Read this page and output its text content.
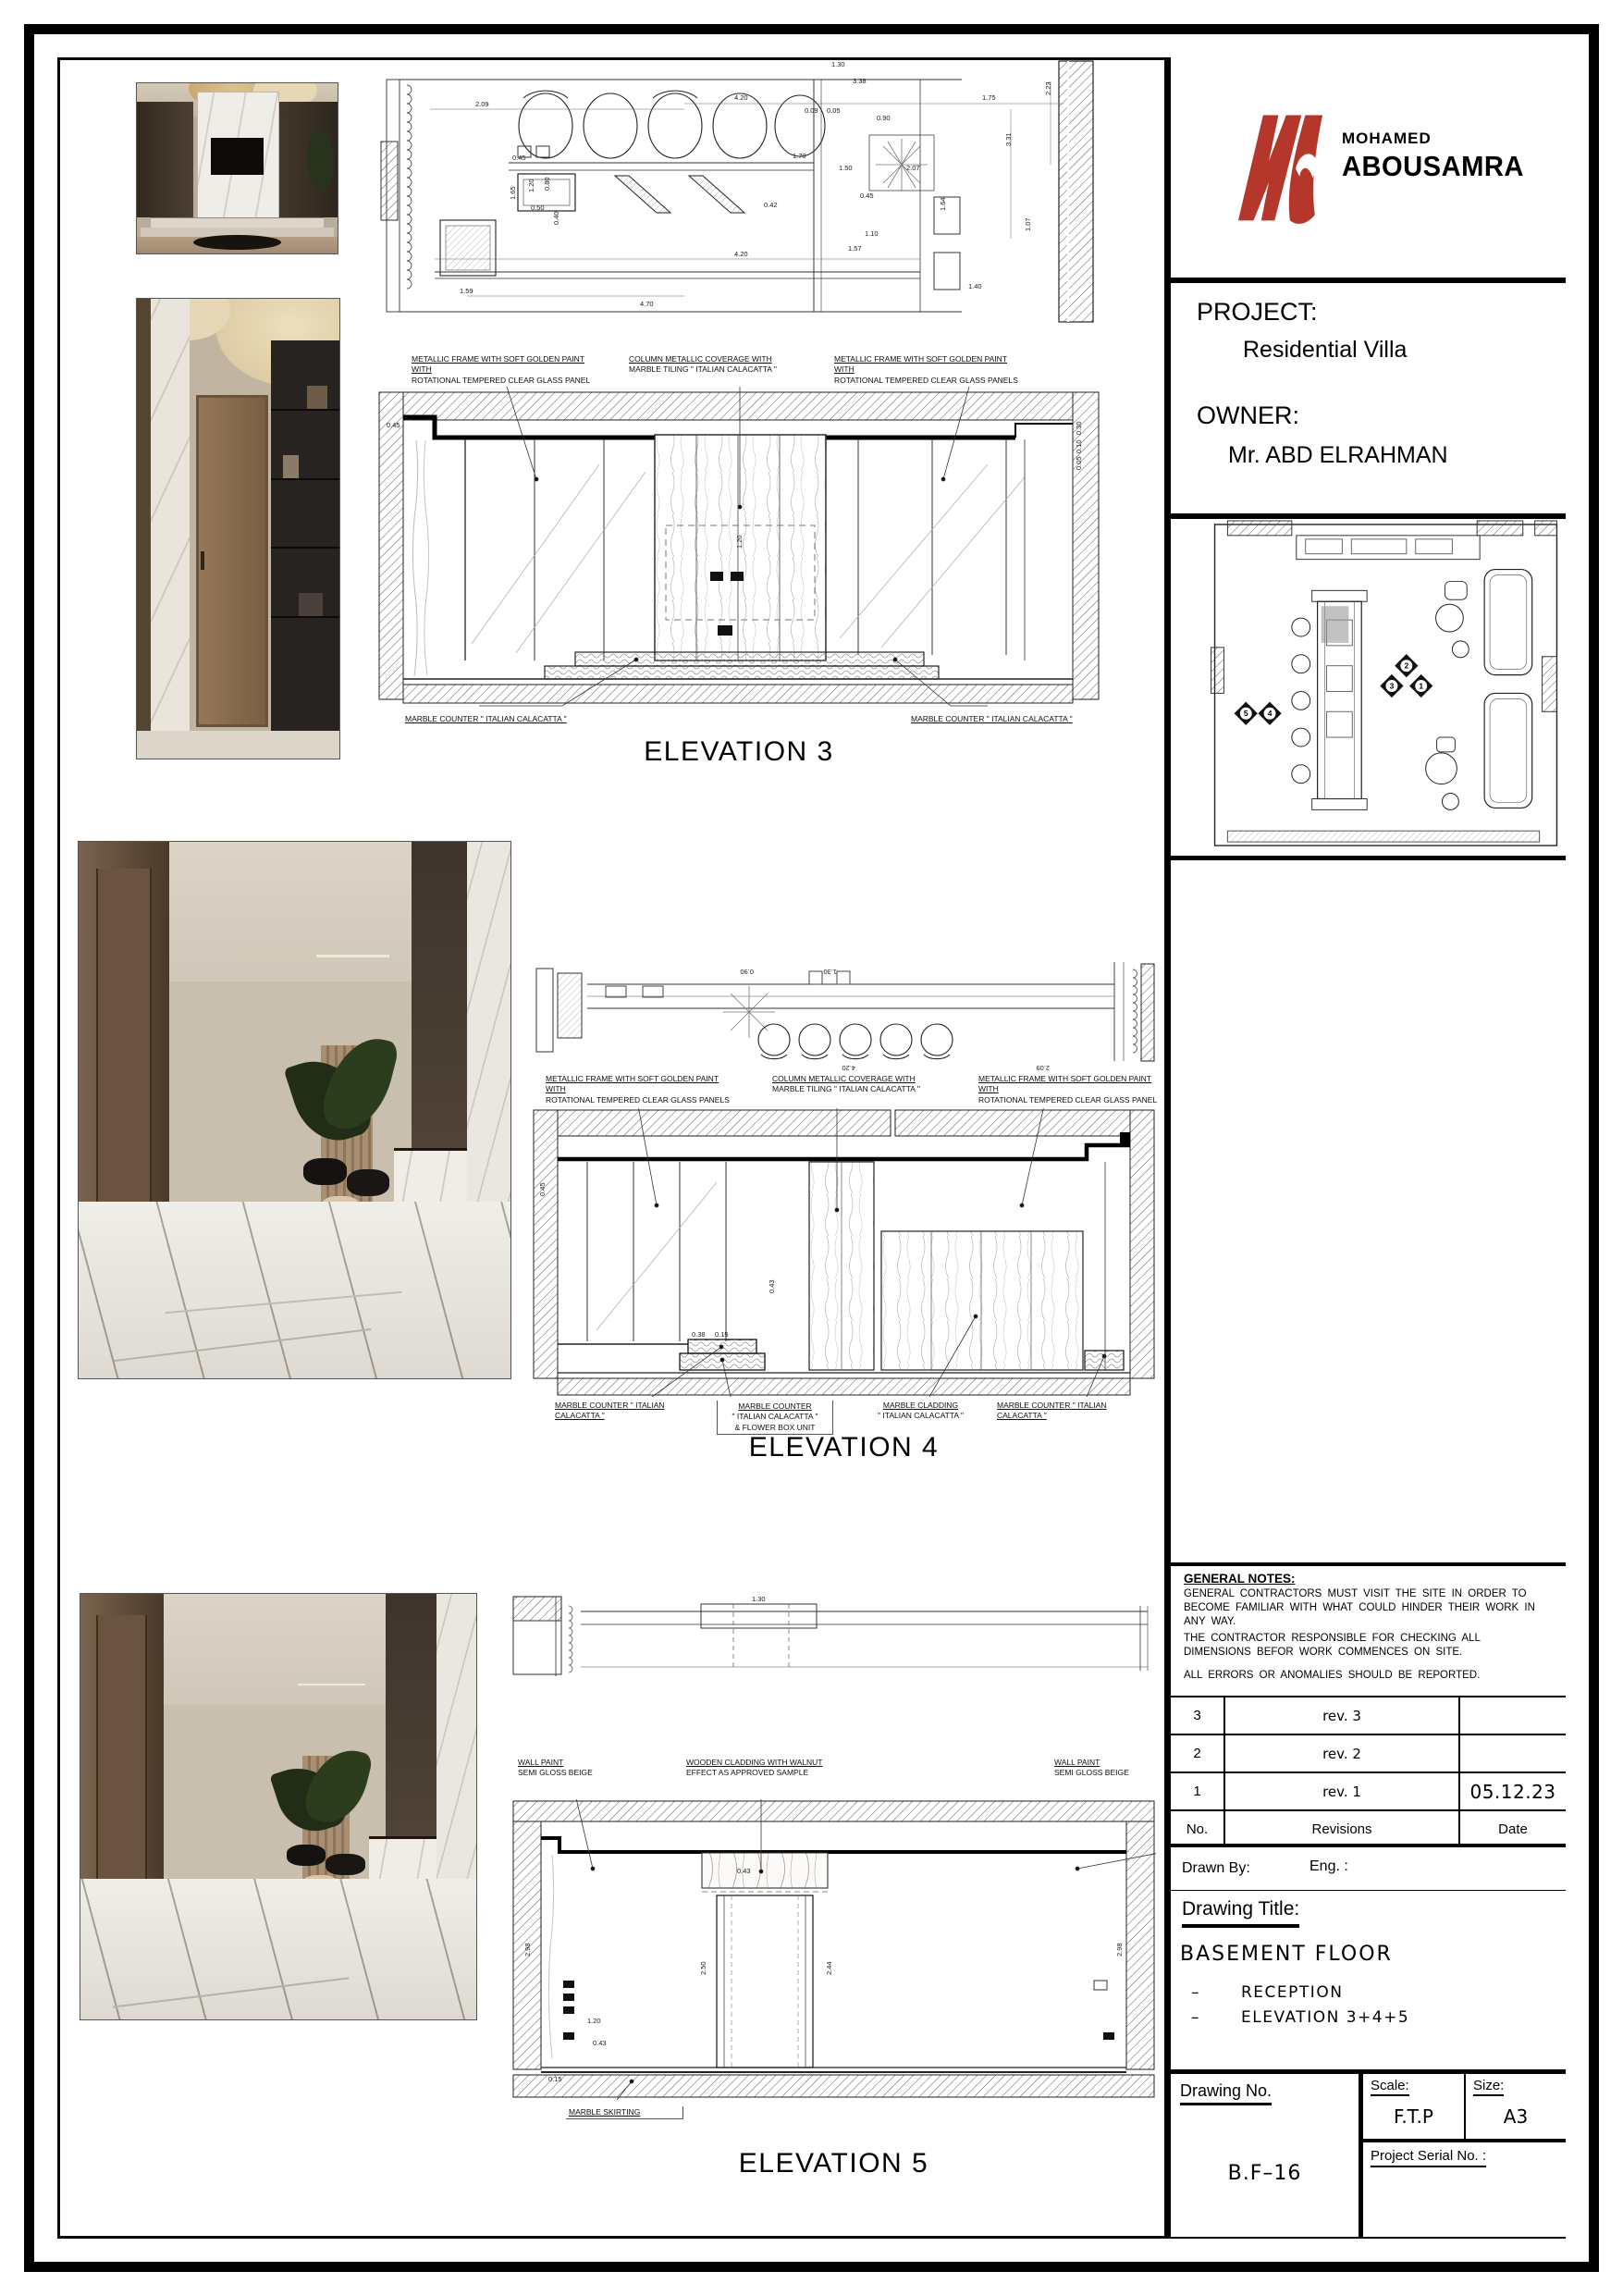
2.09
4.20	1.75
1.30
3.38
0.90
0.09 0.05
1.70
1.50	2.07
0.42
0.45
1.10
1.57
1.59
4.20
4.70
1.40
1.64
1.07
2.23
3.31
0.50
0.40
1.20 0.80
0.45
1.65
METALLIC FRAME WITH SOFT GOLDEN PAINT WITH
ROTATIONAL TEMPERED CLEAR GLASS PANEL
COLUMN METALLIC COVERAGE WITH
MARBLE TILING " ITALIAN CALACATTA "
METALLIC FRAME WITH SOFT GOLDEN PAINT WITH
ROTATIONAL TEMPERED CLEAR GLASS PANELS
0.45	0.30
0.10
0.05
1.20
MARBLE COUNTER " ITALIAN CALACATTA "	MARBLE COUNTER " ITALIAN CALACATTA "
ELEVATION 3
4.20	2.09
1.30
0.90
METALLIC FRAME WITH SOFT GOLDEN PAINT WITH
ROTATIONAL TEMPERED CLEAR GLASS PANELS
COLUMN METALLIC COVERAGE WITH
MARBLE TILING " ITALIAN CALACATTA "
METALLIC FRAME WITH SOFT GOLDEN PAINT WITH
ROTATIONAL TEMPERED CLEAR GLASS PANEL
0.45
0.38 0.15
0.43
MARBLE COUNTER " ITALIAN CALACATTA "
MARBLE COUNTER
" ITALIAN CALACATTA "
& FLOWER BOX UNIT
MARBLE CLADDING
" ITALIAN CALACATTA "
MARBLE COUNTER " ITALIAN CALACATTA "
ELEVATION 4
1.30
WALL PAINT
SEMI GLOSS BEIGE
WOODEN CLADDING WITH WALNUT
EFFECT AS APPROVED SAMPLE
WALL PAINT
SEMI GLOSS BEIGE
2.98
2.50	2.44
2.98
1.20
0.43
0.43
0.15
MARBLE SKIRTING
ELEVATION 5
MOHAMED
ABOUSAMRA
PROJECT:
Residential Villa
OWNER:
Mr. ABD ELRAHMAN
5 4
3	1
2
GENERAL NOTES:

GENERAL CONTRACTORS MUST VISIT THE SITE IN ORDER TO BECOME FAMILIAR WITH WHAT COULD HINDER THEIR WORK IN ANY WAY.

THE CONTRACTOR RESPONSIBLE FOR CHECKING ALL DIMENSIONS BEFOR WORK COMMENCES ON SITE.

ALL ERRORS OR ANOMALIES SHOULD BE REPORTED.

3	rev. 3
2	rev. 2
1	rev. 1	05.12.23
No.	Revisions	Date
Drawn By:	Eng. :
Drawing Title:
BASEMENT FLOOR
–	RECEPTION
–	ELEVATION 3+4+5
Drawing No.
B.F–16
Scale:
F.T.P
Size:
A3
Project Serial No. :
